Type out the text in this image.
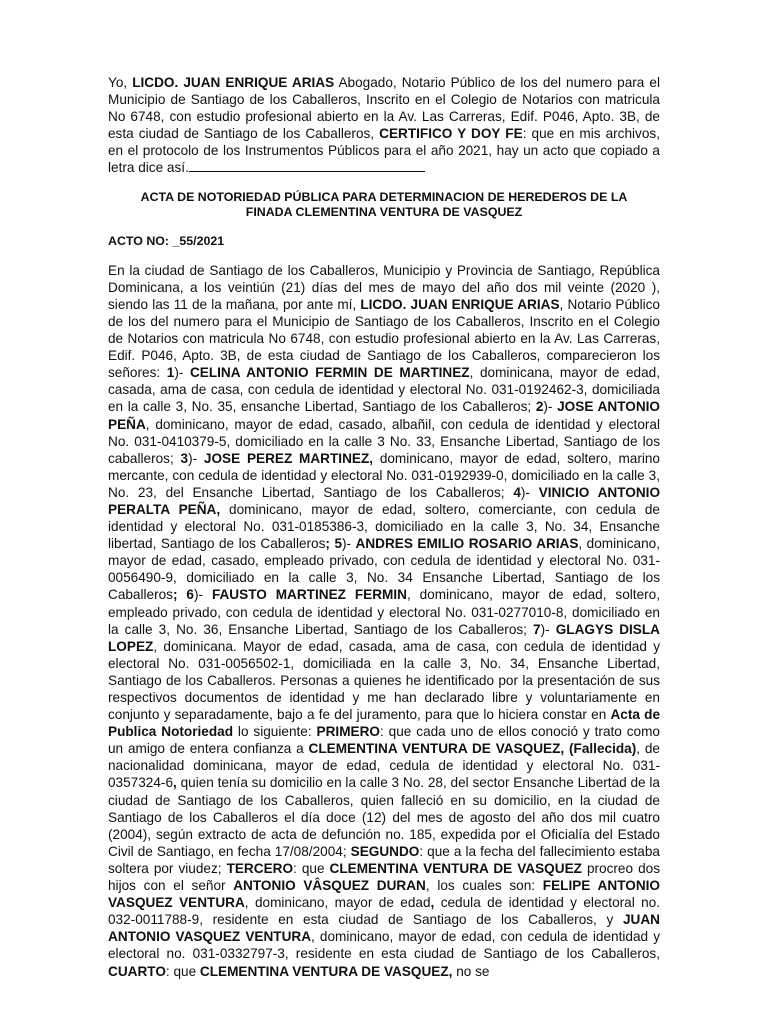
Yo, LICDO. JUAN ENRIQUE ARIAS Abogado, Notario Público de los del numero para el Municipio de Santiago de los Caballeros, Inscrito en el Colegio de Notarios con matricula No 6748, con estudio profesional abierto en la Av. Las Carreras, Edif. P046, Apto. 3B, de esta ciudad de Santiago de los Caballeros, CERTIFICO Y DOY FE: que en mis archivos, en el protocolo de los Instrumentos Públicos para el año 2021, hay un acto que copiado a letra dice así.

ACTA DE NOTORIEDAD PÚBLICA PARA DETERMINACION DE HEREDEROS DE LA
FINADA CLEMENTINA VENTURA DE VASQUEZ

ACTO NO: _55/2021

En la ciudad de Santiago de los Caballeros, Municipio y Provincia de Santiago, República Dominicana, a los veintiún (21) días del mes de mayo del año dos mil veinte (2020 ), siendo las 11 de la mañana, por ante mí, LICDO. JUAN ENRIQUE ARIAS, Notario Público de los del numero para el Municipio de Santiago de los Caballeros, Inscrito en el Colegio de Notarios con matricula No 6748, con estudio profesional abierto en la Av. Las Carreras, Edif. P046, Apto. 3B, de esta ciudad de Santiago de los Caballeros, comparecieron los señores: 1)- CELINA ANTONIO FERMIN DE MARTINEZ, dominicana, mayor de edad, casada, ama de casa, con cedula de identidad y electoral No. 031-0192462-3, domiciliada en la calle 3, No. 35, ensanche Libertad, Santiago de los Caballeros; 2)- JOSE ANTONIO PEÑA, dominicano, mayor de edad, casado, albañil, con cedula de identidad y electoral No. 031-0410379-5, domiciliado en la calle 3 No. 33, Ensanche Libertad, Santiago de los caballeros; 3)- JOSE PEREZ MARTINEZ, dominicano, mayor de edad, soltero, marino mercante, con cedula de identidad y electoral No. 031-0192939-0, domiciliado en la calle 3, No. 23, del Ensanche Libertad, Santiago de los Caballeros; 4)- VINICIO ANTONIO PERALTA PEÑA, dominicano, mayor de edad, soltero, comerciante, con cedula de identidad y electoral No. 031-0185386-3, domiciliado en la calle 3, No. 34, Ensanche libertad, Santiago de los Caballeros; 5)- ANDRES EMILIO ROSARIO ARIAS, dominicano, mayor de edad, casado, empleado privado, con cedula de identidad y electoral No. 031-0056490-9, domiciliado en la calle 3, No. 34 Ensanche Libertad, Santiago de los Caballeros; 6)- FAUSTO MARTINEZ FERMIN, dominicano, mayor de edad, soltero, empleado privado, con cedula de identidad y electoral No. 031-0277010-8, domiciliado en la calle 3, No. 36, Ensanche Libertad, Santiago de los Caballeros; 7)- GLAGYS DISLA LOPEZ, dominicana. Mayor de edad, casada, ama de casa, con cedula de identidad y electoral No. 031-0056502-1, domiciliada en la calle 3, No. 34, Ensanche Libertad, Santiago de los Caballeros. Personas a quienes he identificado por la presentación de sus respectivos documentos de identidad y me han declarado libre y voluntariamente en conjunto y separadamente, bajo a fe del juramento, para que lo hiciera constar en Acta de Publica Notoriedad lo siguiente: PRIMERO: que cada uno de ellos conoció y trato como un amigo de entera confianza a CLEMENTINA VENTURA DE VASQUEZ, (Fallecida), de nacionalidad dominicana, mayor de edad, cedula de identidad y electoral No. 031-0357324-6, quien tenía su domicilio en la calle 3 No. 28, del sector Ensanche Libertad de la ciudad de Santiago de los Caballeros, quien falleció en su domicilio, en la ciudad de Santiago de los Caballeros el día doce (12) del mes de agosto del año dos mil cuatro (2004), según extracto de acta de defunción no. 185, expedida por el Oficialía del Estado Civil de Santiago, en fecha 17/08/2004; SEGUNDO: que a la fecha del fallecimiento estaba soltera por viudez; TERCERO: que CLEMENTINA VENTURA DE VASQUEZ procreo dos hijos con el señor ANTONIO VÂSQUEZ DURAN, los cuales son: FELIPE ANTONIO VASQUEZ VENTURA, dominicano, mayor de edad, cedula de identidad y electoral no. 032-0011788-9, residente en esta ciudad de Santiago de los Caballeros, y JUAN ANTONIO VASQUEZ VENTURA, dominicano, mayor de edad, con cedula de identidad y electoral no. 031-0332797-3, residente en esta ciudad de Santiago de los Caballeros, CUARTO: que CLEMENTINA VENTURA DE VASQUEZ, no se
